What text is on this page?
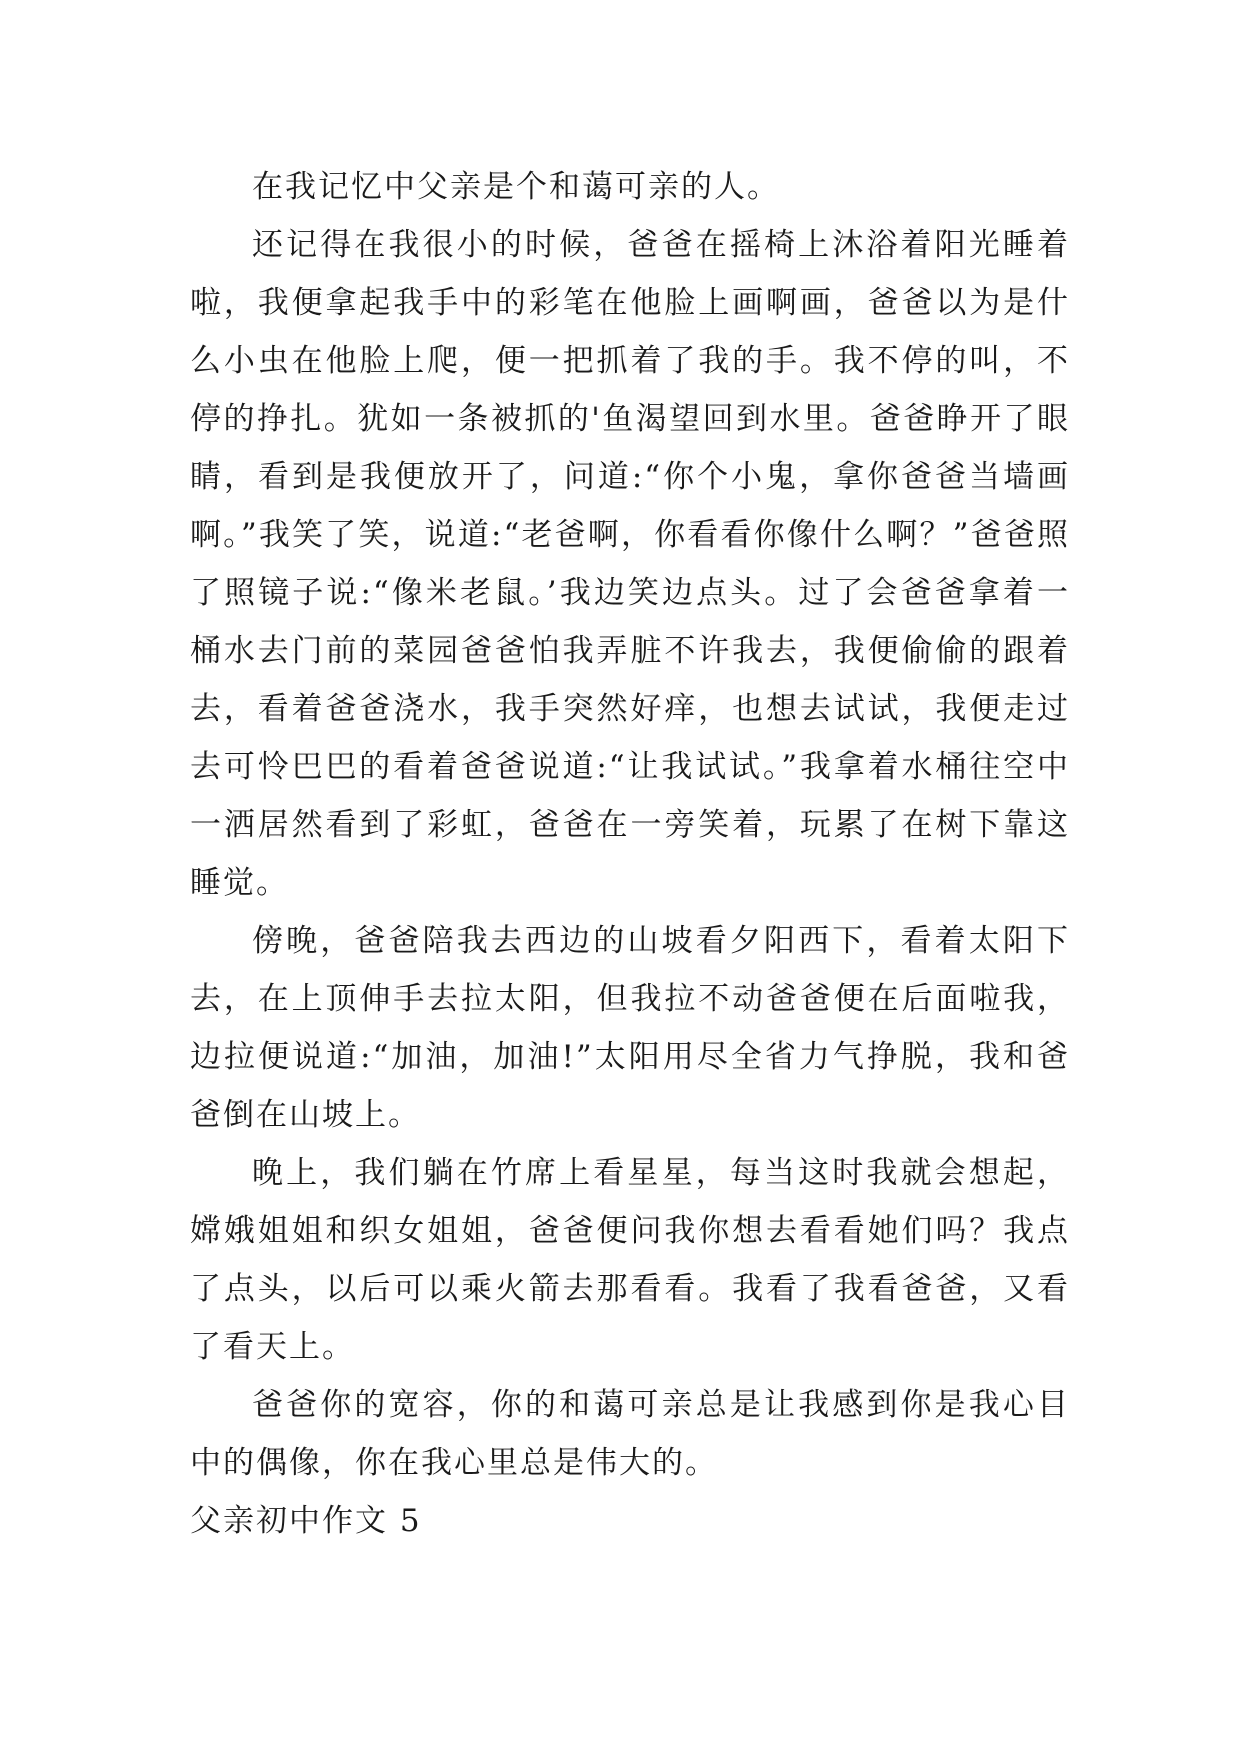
在我记忆中父亲是个和蔼可亲的人。

还记得在我很小的时候，爸爸在摇椅上沐浴着阳光睡着啦，我便拿起我手中的彩笔在他脸上画啊画，爸爸以为是什么小虫在他脸上爬，便一把抓着了我的手。我不停的叫，不停的挣扎。犹如一条被抓的'鱼渴望回到水里。爸爸睁开了眼睛，看到是我便放开了，问道:“你个小鬼，拿你爸爸当墙画啊。”我笑了笑，说道:“老爸啊，你看看你像什么啊？”爸爸照了照镜子说:“像米老鼠。’我边笑边点头。过了会爸爸拿着一桶水去门前的菜园爸爸怕我弄脏不许我去，我便偷偷的跟着去，看着爸爸浇水，我手突然好痒，也想去试试，我便走过去可怜巴巴的看着爸爸说道:“让我试试。”我拿着水桶往空中一洒居然看到了彩虹，爸爸在一旁笑着，玩累了在树下靠这睡觉。

傍晚，爸爸陪我去西边的山坡看夕阳西下，看着太阳下去，在上顶伸手去拉太阳，但我拉不动爸爸便在后面啦我，边拉便说道:“加油，加油!”太阳用尽全省力气挣脱，我和爸爸倒在山坡上。

晚上，我们躺在竹席上看星星，每当这时我就会想起，嫦娥姐姐和织女姐姐，爸爸便问我你想去看看她们吗？我点了点头，以后可以乘火箭去那看看。我看了我看爸爸，又看了看天上。

爸爸你的宽容，你的和蔼可亲总是让我感到你是我心目中的偶像，你在我心里总是伟大的。

父亲初中作文 5
